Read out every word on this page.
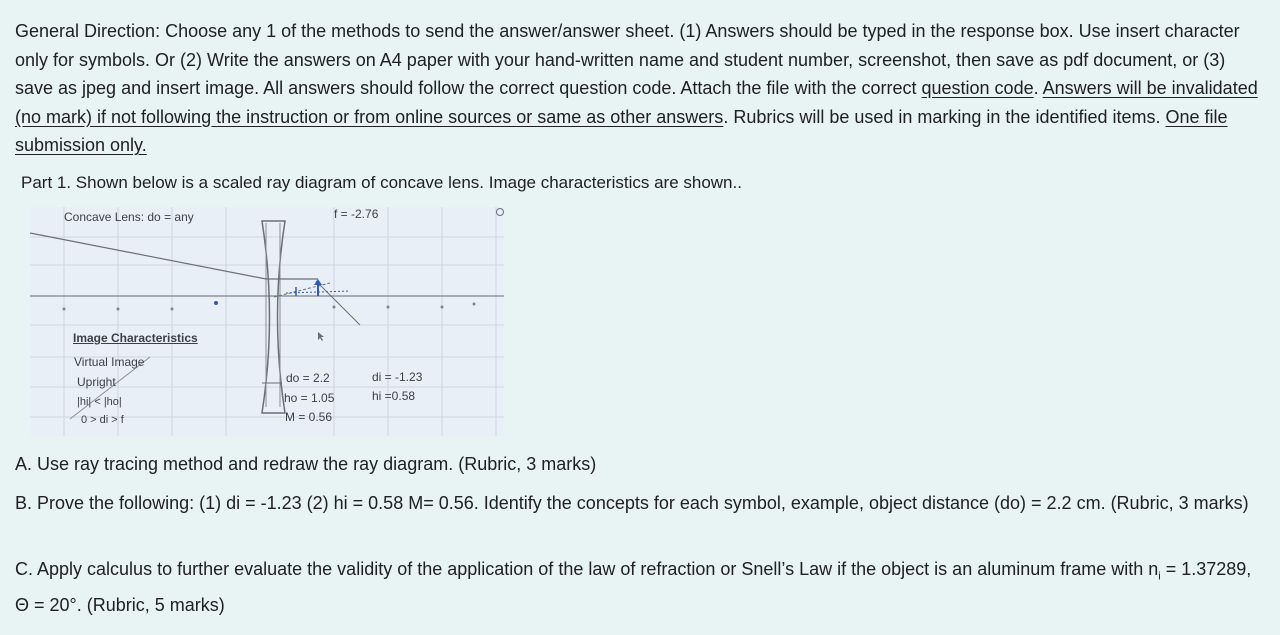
General Direction: Choose any 1 of the methods to send the answer/answer sheet. (1) Answers should be typed in the response box. Use insert character only for symbols. Or (2) Write the answers on A4 paper with your hand-written name and student number, screenshot, then save as pdf document, or (3) save as jpeg and insert image. All answers should follow the correct question code. Attach the file with the correct question code. Answers will be invalidated (no mark) if not following the instruction or from online sources or same as other answers. Rubrics will be used in marking in the identified items. One file submission only.

Part 1. Shown below is a scaled ray diagram of concave lens. Image characteristics are shown..

Concave Lens: do = any	f = -2.76
Image Characteristics
Virtual Image
Upright
|hi| < |ho|
0 > di > f
do = 2.2
ho = 1.05
M = 0.56
di = -1.23
hi =0.58

A. Use ray tracing method and redraw the ray diagram. (Rubric, 3 marks)

B. Prove the following: (1) di = -1.23 (2) hi = 0.58 M= 0.56. Identify the concepts for each symbol, example, object distance (do) = 2.2 cm. (Rubric, 3 marks)

C. Apply calculus to further evaluate the validity of the application of the law of refraction or Snell’s Law if the object is an aluminum frame with $n_i = 1.37289$, Θ = 20°. (Rubric, 5 marks)
